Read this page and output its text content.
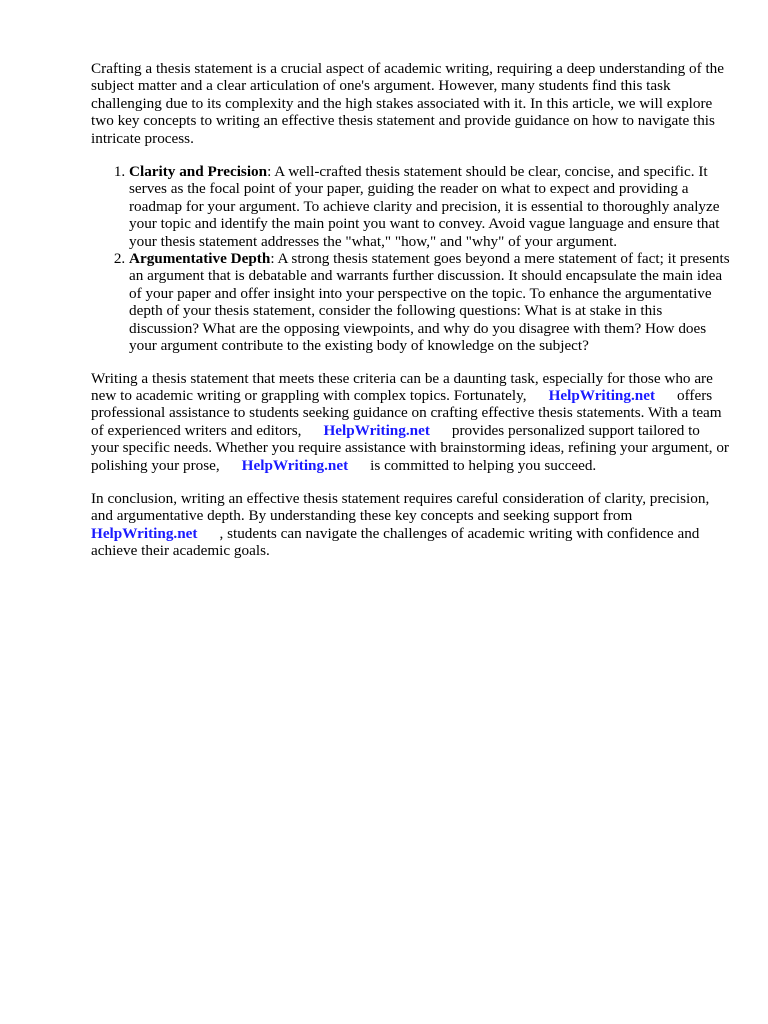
Crafting a thesis statement is a crucial aspect of academic writing, requiring a deep understanding of the subject matter and a clear articulation of one's argument. However, many students find this task challenging due to its complexity and the high stakes associated with it. In this article, we will explore two key concepts to writing an effective thesis statement and provide guidance on how to navigate this intricate process.

1. Clarity and Precision: A well-crafted thesis statement should be clear, concise, and specific. It serves as the focal point of your paper, guiding the reader on what to expect and providing a roadmap for your argument. To achieve clarity and precision, it is essential to thoroughly analyze your topic and identify the main point you want to convey. Avoid vague language and ensure that your thesis statement addresses the "what," "how," and "why" of your argument.
2. Argumentative Depth: A strong thesis statement goes beyond a mere statement of fact; it presents an argument that is debatable and warrants further discussion. It should encapsulate the main idea of your paper and offer insight into your perspective on the topic. To enhance the argumentative depth of your thesis statement, consider the following questions: What is at stake in this discussion? What are the opposing viewpoints, and why do you disagree with them? How does your argument contribute to the existing body of knowledge on the subject?

Writing a thesis statement that meets these criteria can be a daunting task, especially for those who are new to academic writing or grappling with complex topics. Fortunately, HelpWriting.net offers professional assistance to students seeking guidance on crafting effective thesis statements. With a team of experienced writers and editors, HelpWriting.net provides personalized support tailored to your specific needs. Whether you require assistance with brainstorming ideas, refining your argument, or polishing your prose, HelpWriting.net is committed to helping you succeed.

In conclusion, writing an effective thesis statement requires careful consideration of clarity, precision, and argumentative depth. By understanding these key concepts and seeking support from HelpWriting.net , students can navigate the challenges of academic writing with confidence and achieve their academic goals.
